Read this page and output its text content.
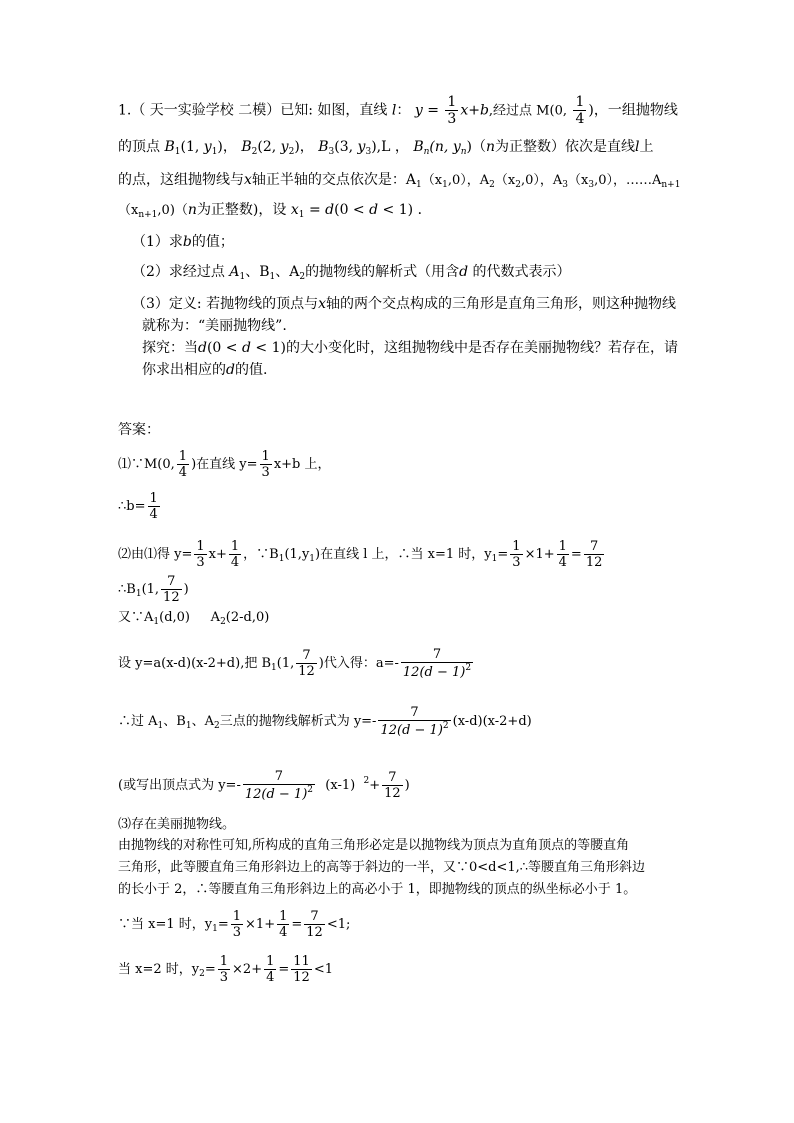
1.（ 天一实验学校 二模）已知: 如图，直线 l： $y = \frac{1}{3} x+b$,经过点 M(0, $\frac{1}{4}$ )，一组抛物线
的顶点 $B_1(1$, $y_1$)， $B_2(2$, $y_2$)， $B_3(3$, $y_3),L$ ， $B_n(n$, $y_n)(n$为正整数）依次是直线l上
的点，这组抛物线与x轴正半轴的交点依次是：$A_1(x_1,0)$，$A_2(x_2,0)$，$A_3(x_3,0)$，$\dots\dots A_{n+1}$
$(x_{n+1},0)(n$为正整数)，设 $x_1 = d(0 < d < 1)$ ．
（1）求b的值；
（2）求经过点 $A_1$、$B_1$、$A_2$的抛物线的解析式（用含d 的代数式表示）
（3）定义: 若抛物线的顶点与x轴的两个交点构成的三角形是直角三角形，则这种抛物线
就称为：“美丽抛物线”.
探究：当d(0 < d < 1)的大小变化时，这组抛物线中是否存在美丽抛物线？若存在，请
你求出相应的d的值.
答案：
⑴∵M(0, $\frac{1}{4}$ )在直线 $y= \frac{1}{3} x+b$ 上，
∴b= $\frac{1}{4}$
⑵由⑴得 $y= \frac{1}{3} x+ \frac{1}{4}$ ，$\because B_1(1,y_1)$在直线 l 上，∴当 x=1 时，$y_1= \frac{1}{3} \times 1+ \frac{1}{4} = \frac{7}{12}$
$\therefore B_1(1$, $\frac{7}{12}$ )
又$\because A_1(d,0)$ $A_2(2-d,0)$
设 y=a(x-d)(x-2+d),把 $B_1(1$, $\frac{7}{12}$ )代入得：$a=- \frac{7}{12(d - 1)^2}$
∴过 $A_1$、$B_1$、$A_2$三点的抛物线解析式为 $y=- \frac{7}{12(d - 1)^2} (x-d)(x-2+d)$
(或写出顶点式为 $y=- \frac{7}{12(d - 1)^2} (x-1)$ $^2+ \frac{7}{12}$ )
⑶存在美丽抛物线。
由抛物线的对称性可知,所构成的直角三角形必定是以抛物线为顶点为直角顶点的等腰直角
三角形，此等腰直角三角形斜边上的高等于斜边的一半，又∵0<d<1,∴等腰直角三角形斜边
的长小于 2，∴等腰直角三角形斜边上的高必小于 1，即抛物线的顶点的纵坐标必小于 1。
∵当 x=1 时，$y_1= \frac{1}{3} \times 1+ \frac{1}{4} = \frac{7}{12} <1$;
当 x=2 时，$y_2= \frac{1}{3} \times 2+ \frac{1}{4} = \frac{11}{12} <1$
